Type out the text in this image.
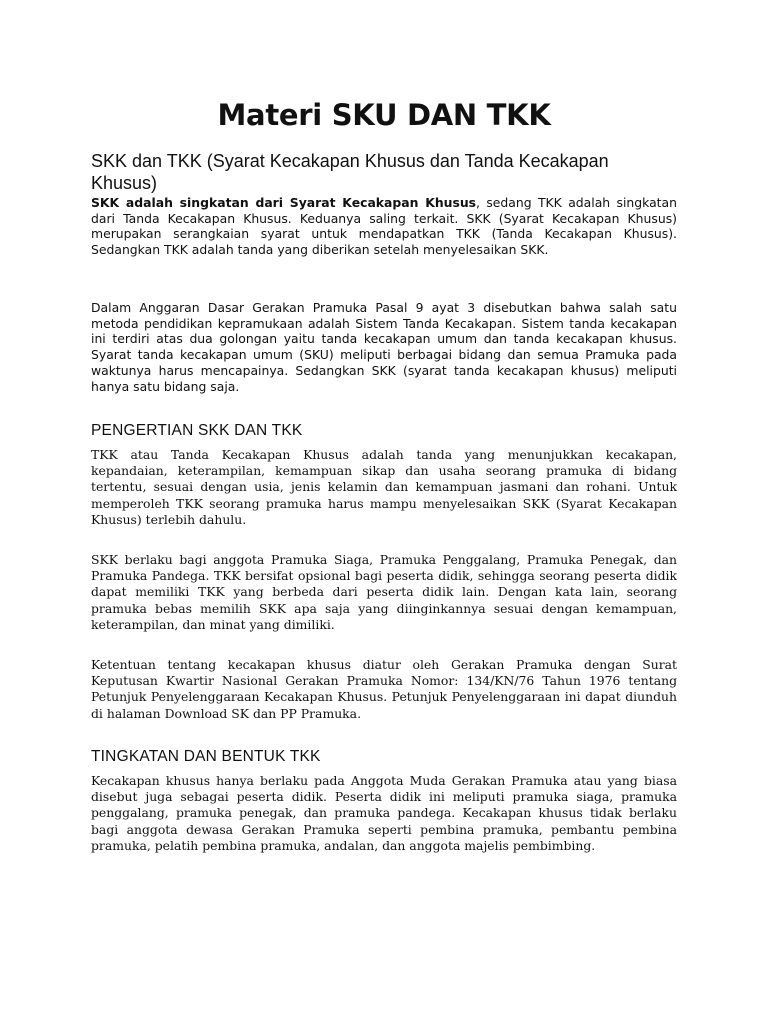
Materi SKU DAN TKK
SKK dan TKK (Syarat Kecakapan Khusus dan Tanda Kecakapan Khusus)

SKK adalah singkatan dari Syarat Kecakapan Khusus, sedang TKK adalah singkatan dari Tanda Kecakapan Khusus. Keduanya saling terkait. SKK (Syarat Kecakapan Khusus) merupakan serangkaian syarat untuk mendapatkan TKK (Tanda Kecakapan Khusus). Sedangkan TKK adalah tanda yang diberikan setelah menyelesaikan SKK.

Dalam Anggaran Dasar Gerakan Pramuka Pasal 9 ayat 3 disebutkan bahwa salah satu metoda pendidikan kepramukaan adalah Sistem Tanda Kecakapan. Sistem tanda kecakapan ini terdiri atas dua golongan yaitu tanda kecakapan umum dan tanda kecakapan khusus. Syarat tanda kecakapan umum (SKU) meliputi berbagai bidang dan semua Pramuka pada waktunya harus mencapainya. Sedangkan SKK (syarat tanda kecakapan khusus) meliputi hanya satu bidang saja.

PENGERTIAN SKK DAN TKK

TKK atau Tanda Kecakapan Khusus adalah tanda yang menunjukkan kecakapan, kepandaian, keterampilan, kemampuan sikap dan usaha seorang pramuka di bidang tertentu, sesuai dengan usia, jenis kelamin dan kemampuan jasmani dan rohani. Untuk memperoleh TKK seorang pramuka harus mampu menyelesaikan SKK (Syarat Kecakapan Khusus) terlebih dahulu.

SKK berlaku bagi anggota Pramuka Siaga, Pramuka Penggalang, Pramuka Penegak, dan Pramuka Pandega. TKK bersifat opsional bagi peserta didik, sehingga seorang peserta didik dapat memiliki TKK yang berbeda dari peserta didik lain. Dengan kata lain, seorang pramuka bebas memilih SKK apa saja yang diinginkannya sesuai dengan kemampuan, keterampilan, dan minat yang dimiliki.

Ketentuan tentang kecakapan khusus diatur oleh Gerakan Pramuka dengan Surat Keputusan Kwartir Nasional Gerakan Pramuka Nomor: 134/KN/76 Tahun 1976 tentang Petunjuk Penyelenggaraan Kecakapan Khusus. Petunjuk Penyelenggaraan ini dapat diunduh di halaman Download SK dan PP Pramuka.

TINGKATAN DAN BENTUK TKK

Kecakapan khusus hanya berlaku pada Anggota Muda Gerakan Pramuka atau yang biasa disebut juga sebagai peserta didik. Peserta didik ini meliputi pramuka siaga, pramuka penggalang, pramuka penegak, dan pramuka pandega. Kecakapan khusus tidak berlaku bagi anggota dewasa Gerakan Pramuka seperti pembina pramuka, pembantu pembina pramuka, pelatih pembina pramuka, andalan, dan anggota majelis pembimbing.
